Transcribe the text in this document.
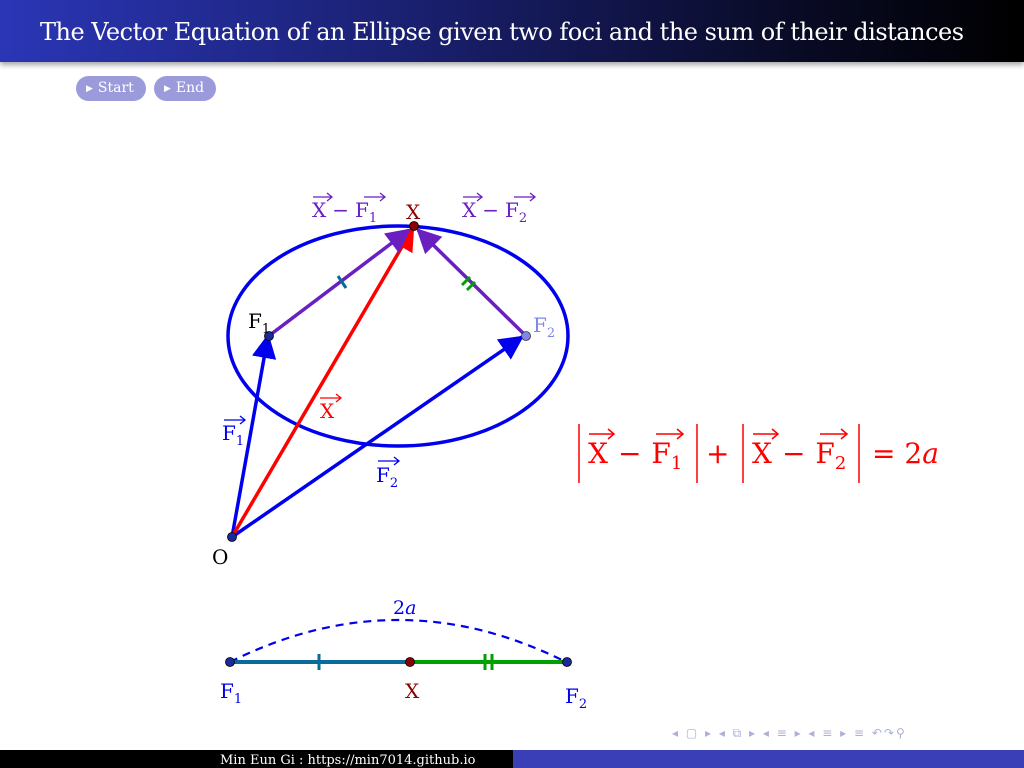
The Vector Equation of an Ellipse given two foci and the sum of their distances
▶ Start	▶ End
O
X
$F_1$	$F_2$
$F_1$
$F_2$
X
$X - F_1$	$X - F_2$
$X - F_1 + X - F_2 = 2a$
2a
$F_1$	X	$F_2$
◂ ▢ ▸ ◂ ⧉ ▸ ◂ ≡ ▸ ◂ ≡ ▸ ≡ ↶↷⚲
Min Eun Gi : https://min7014.github.io
